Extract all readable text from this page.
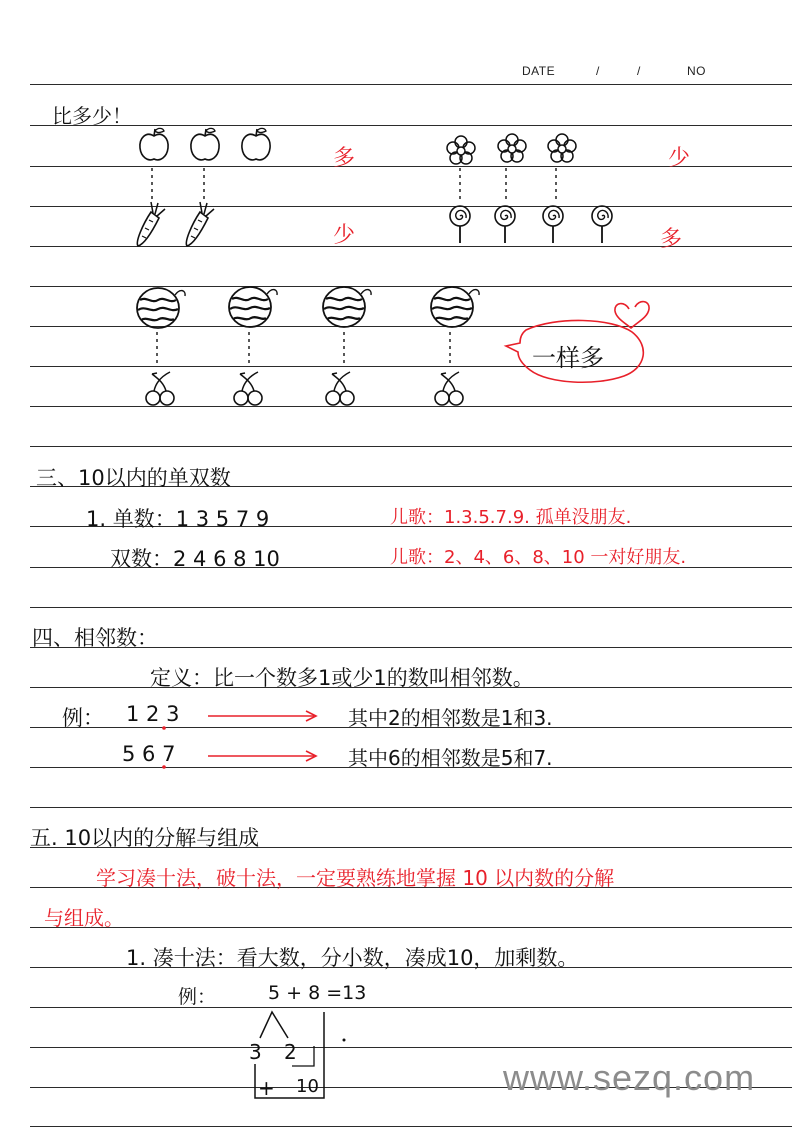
DATE	/	/	NO
比多少！
多
少
少
多
一样多
三、10以内的单双数
1. 单数：1 3 5 7 9	儿歌：1.3.5.7.9. 孤单没朋友.
双数：2 4 6 8 10	儿歌：2、4、6、8、10 一对好朋友.
四、相邻数：
定义：比一个数多1或少1的数叫相邻数。
例： 1 2 3	其中2的相邻数是1和3.
5 6 7	其中6的相邻数是5和7.
五. 10以内的分解与组成
学习凑十法，破十法，一定要熟练地掌握 10 以内数的分解
与组成。
1. 凑十法：看大数，分小数，凑成10，加剩数。
例：	5 + 8 =13
3 2
+ 10	www.sezq.com
